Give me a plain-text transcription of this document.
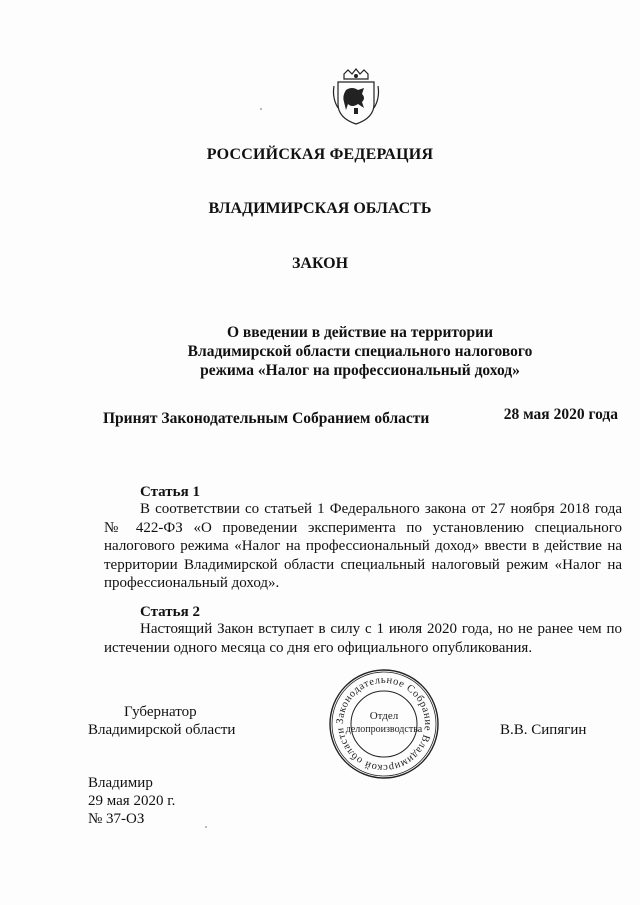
РОССИЙСКАЯ ФЕДЕРАЦИЯ
ВЛАДИМИРСКАЯ ОБЛАСТЬ
ЗАКОН
О введении в действие на территории
Владимирской области специального налогового
режима «Налог на профессиональный доход»
Принят Законодательным Собранием области	28 мая 2020 года
Статья 1
В соответствии со статьей 1 Федерального закона от 27 ноября 2018 года № 422-ФЗ «О проведении эксперимента по установлению специального налогового режима «Налог на профессиональный доход» ввести в действие на территории Владимирской области специальный налоговый режим «Налог на профессиональный доход».
Статья 2
Настоящий Закон вступает в силу с 1 июля 2020 года, но не ранее чем по истечении одного месяца со дня его официального опубликования.
Губернатор
Владимирской области	В.В. Сипягин
Законодательное Собрание Владимирской области
Отдел
делопроизводства
Владимир
29 мая 2020 г.
№ 37-ОЗ
